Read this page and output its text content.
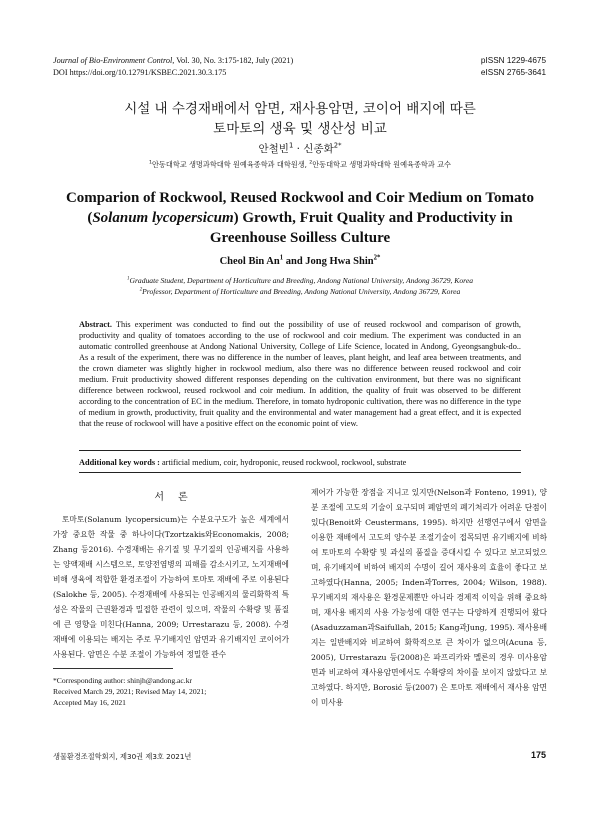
Journal of Bio-Environment Control, Vol. 30, No. 3:175-182, July (2021)
DOI https://doi.org/10.12791/KSBEC.2021.30.3.175
pISSN 1229-4675
eISSN 2765-3641
시설 내 수경재배에서 암면, 재사용암면, 코이어 배지에 따른
토마토의 생육 및 생산성 비교
안철빈$^1$ · 신종화$^{2*}$
$^1$안동대학교 생명과학대학 원예육종학과 대학원생, $^2$안동대학교 생명과학대학 원예육종학과 교수
Comparion of Rockwool, Reused Rockwool and Coir Medium on Tomato
(Solanum lycopersicum) Growth, Fruit Quality and Productivity in
Greenhouse Soilless Culture
Cheol Bin An$^1$ and Jong Hwa Shin$^{2*}$
$^1$Graduate Student, Department of Horticulture and Breeding, Andong National University, Andong 36729, Korea
$^2$Professor, Department of Horticulture and Breeding, Andong National University, Andong 36729, Korea
Abstract. This experiment was conducted to find out the possibility of use of reused rockwool and comparison of growth, productivity and quality of tomatoes according to the use of rockwool and coir medium. The experiment was conducted in an automatic controlled greenhouse at Andong National University, College of Life Science, located in Andong, Gyeongsangbuk-do.. As a result of the experiment, there was no difference in the number of leaves, plant height, and leaf area between treatments, and the crown diameter was slightly higher in rockwool medium, also there was no difference between reused rockwool and coir medium. Fruit productivity showed different responses depending on the cultivation environment, but there was no significant difference between rockwool, reused rockwool and coir medium. In addition, the quality of fruit was observed to be different according to the concentration of EC in the medium. Therefore, in tomato hydroponic cultivation, there was no difference in the type of medium in growth, productivity, fruit quality and the environmental and water management had a great effect, and it is expected that the reuse of rockwool will have a positive effect on the economic point of view.
Additional key words : artificial medium, coir, hydroponic, reused rockwool, rockwool, substrate
서론

토마토(Solanum lycopersicum)는 수분요구도가 높은 세계에서 가장 중요한 작물 중 하나이다(Tzortzakis와Economakis, 2008; Zhang 등2016). 수경재배는 유기질 및 무기질의 인공배지를 사용하는 양액재배 시스템으로, 토양전염병의 피해를 감소시키고, 노지재배에 비해 생육에 적합한 환경조절이 가능하여 토마토 재배에 주로 이용된다(Salokhe 등, 2005). 수경재배에 사용되는 인공배지의 물리화학적 특성은 작물의 근권환경과 밀접한 관련이 있으며, 작물의 수확량 및 품질에 큰 영향을 미친다(Hanna, 2009; Urrestarazu 등, 2008). 수경재배에 이용되는 배지는 주로 무기배지인 암면과 유기배지인 코이어가 사용된다. 암면은 수분 조절이 가능하여 정밀한 관수

제어가 가능한 장점을 지니고 있지만(Nelson과 Fonteno, 1991), 양분 조절에 고도의 기술이 요구되며 폐암면의 폐기처리가 어려운 단점이 있다(Benoit와 Ceustermans, 1995). 하지만 선행연구에서 암면을 이용한 재배에서 고도의 양수분 조절기술이 접목되면 유기배지에 비하여 토마토의 수확량 및 과실의 품질을 증대시킬 수 있다고 보고되었으며, 유기배지에 비하여 배지의 수명이 길어 재사용의 효율이 좋다고 보고하였다(Hanna, 2005; Inden과Torres, 2004; Wilson, 1988). 무기배지의 재사용은 환경문제뿐만 아니라 경제적 이익을 위해 중요하며, 재사용 배지의 사용 가능성에 대한 연구는 다양하게 진행되어 왔다(Asaduzzaman과Saifullah, 2015; Kang과Jung, 1995). 재사용배지는 일반배지와 비교하여 화학적으로 큰 차이가 없으며(Acuna 등, 2005), Urrestarazu 등(2008)은 파프리카와 멜론의 경우 미사용암면과 비교하여 재사용암면에서도 수확량의 차이를 보이지 않았다고 보고하였다. 하지만, Borosić 등(2007) 은 토마토 재배에서 재사용 암면이 미사용

*Corresponding author: shinjh@andong.ac.kr
Received March 29, 2021; Revised May 14, 2021;
Accepted May 16, 2021
생물환경조절학회지, 제30권 제3호 2021년	175
